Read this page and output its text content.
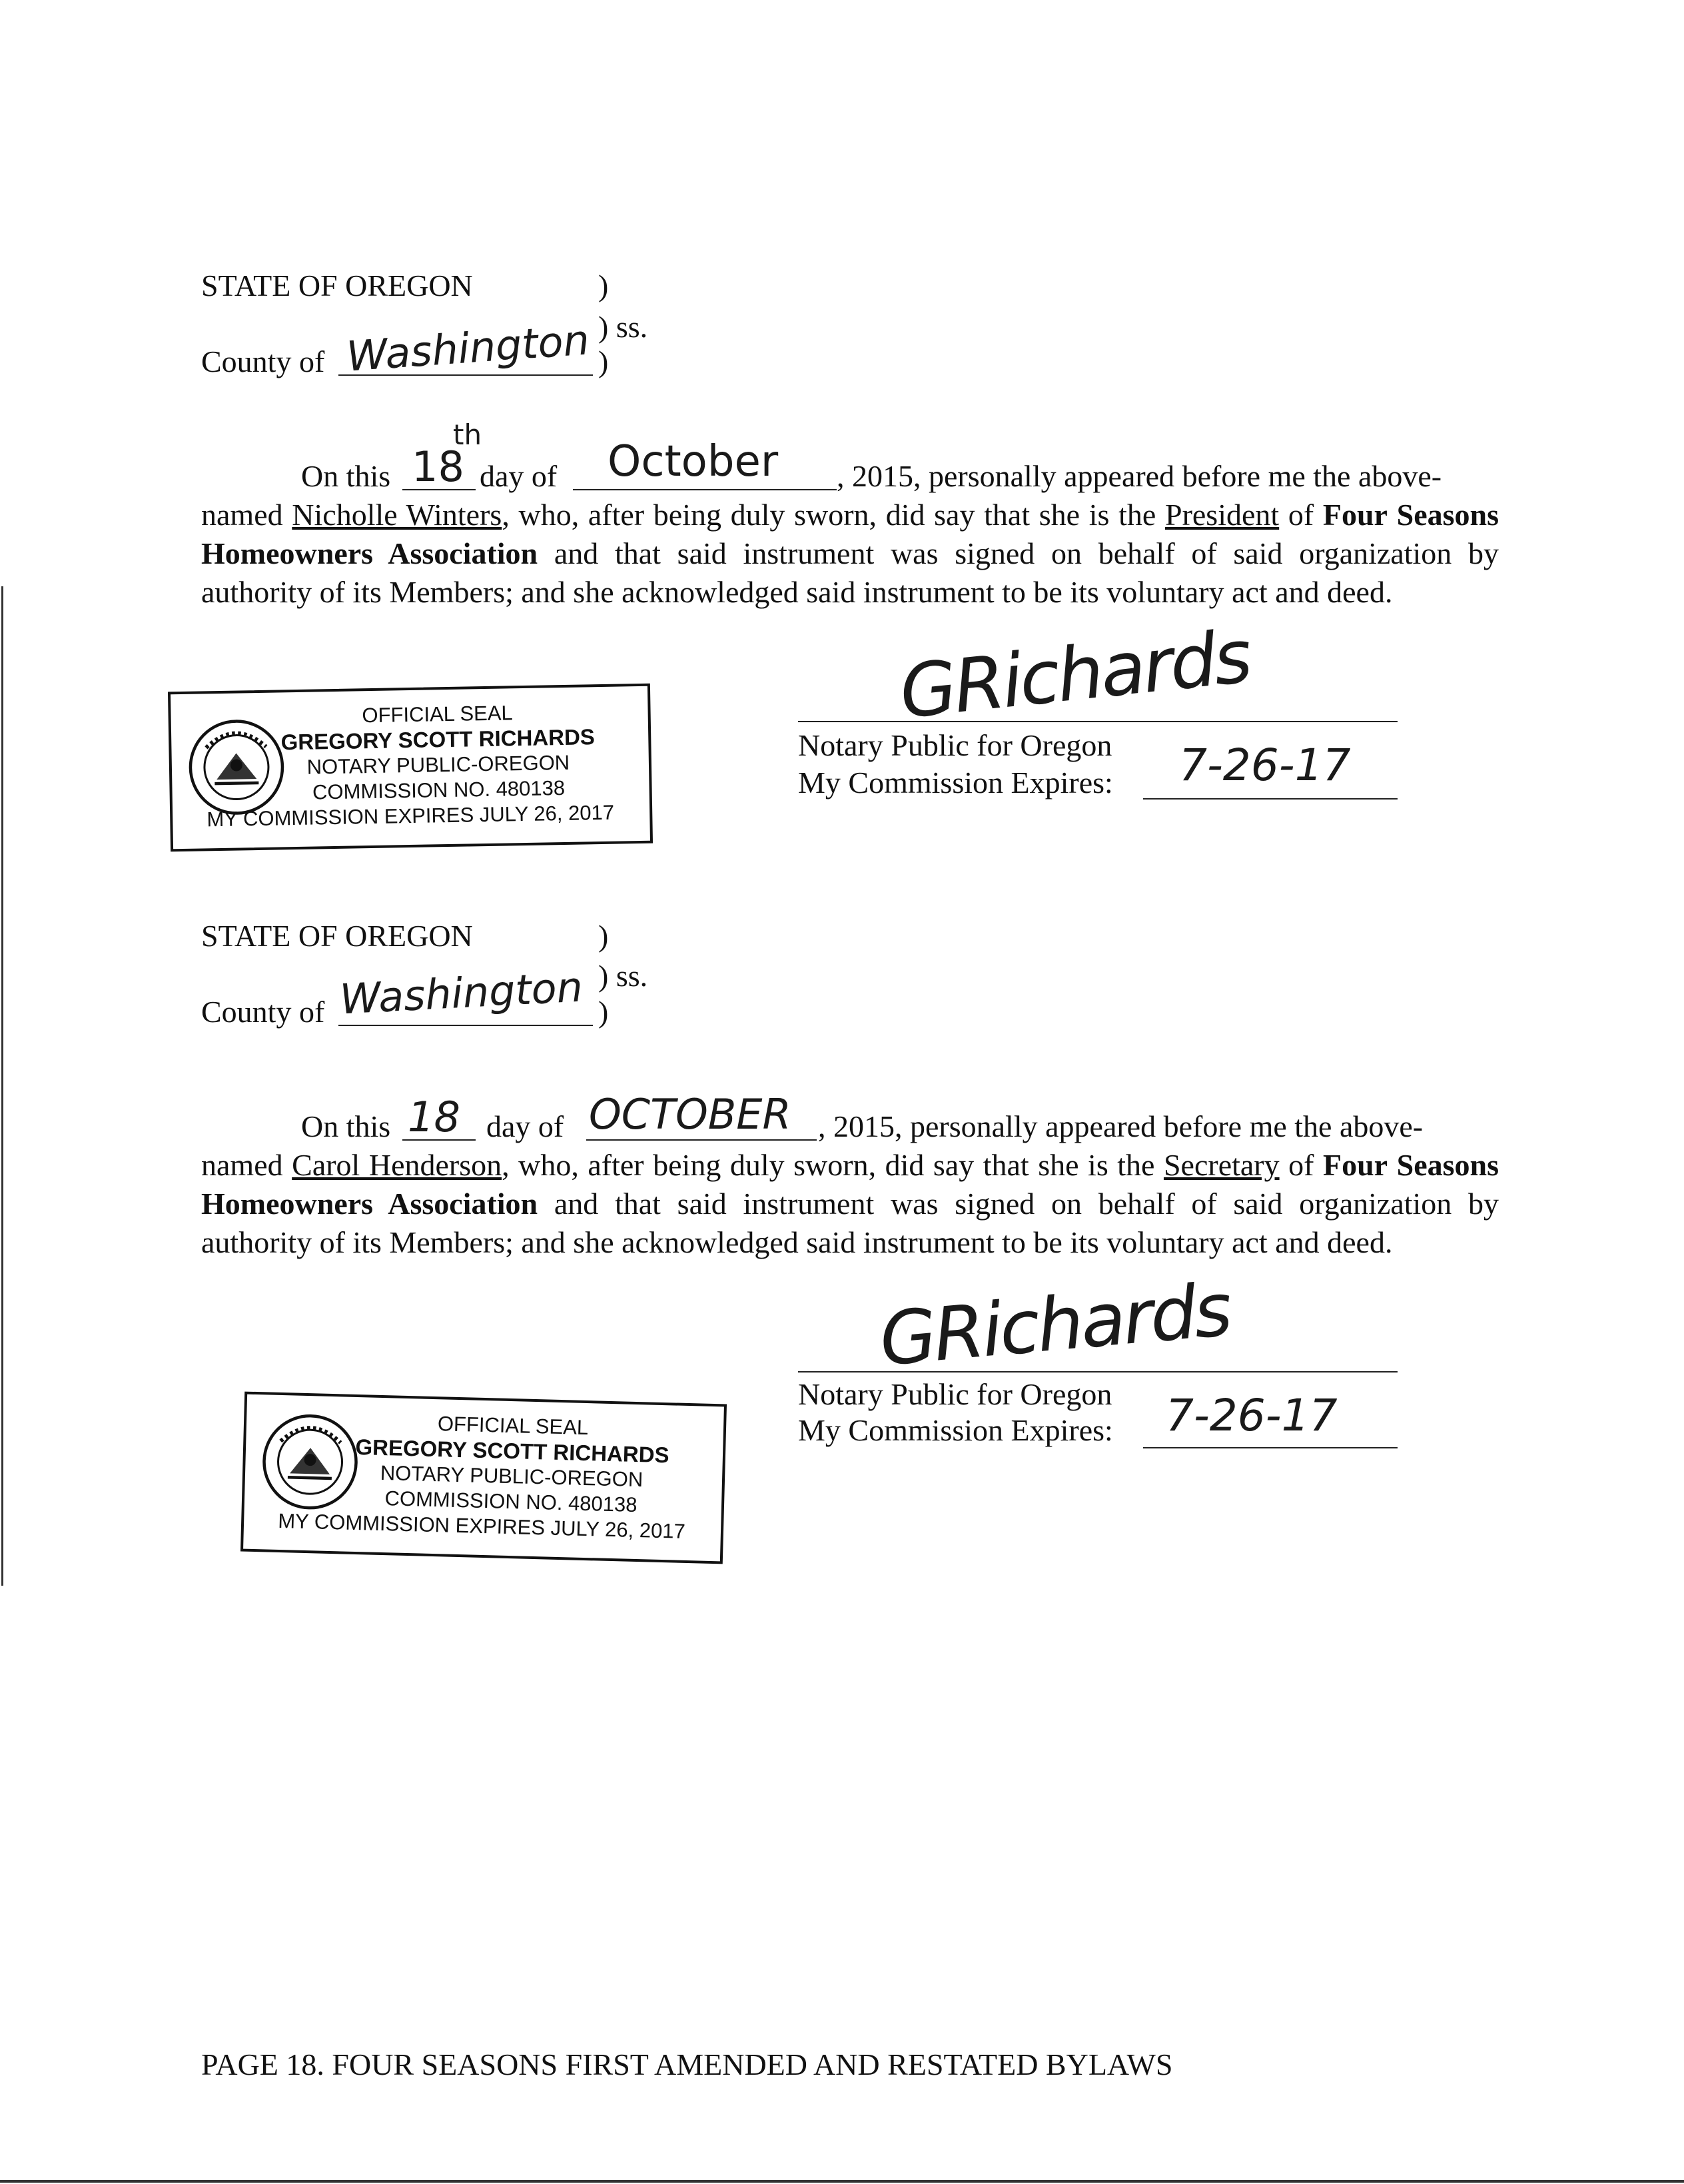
STATE OF OREGON	)
) ss.
County of Washington )
On this 18
th
day of October , 2015, personally appeared before me the above-
named Nicholle Winters, who, after being duly sworn, did say that she is the President of Four Seasons Homeowners Association and that said instrument was signed on behalf of said organization by authority of its Members; and she acknowledged said instrument to be its voluntary act and deed.
GRichards
Notary Public for Oregon
My Commission Expires: 7-26-17
OFFICIAL SEAL
GREGORY SCOTT RICHARDS
NOTARY PUBLIC-OREGON
COMMISSION NO. 480138
MY COMMISSION EXPIRES JULY 26, 2017
STATE OF OREGON	)
) ss.
County of Washington )
On this 18 day of OCTOBER , 2015, personally appeared before me the above-
named Carol Henderson, who, after being duly sworn, did say that she is the Secretary of Four Seasons Homeowners Association and that said instrument was signed on behalf of said organization by authority of its Members; and she acknowledged said instrument to be its voluntary act and deed.
GRichards
Notary Public for Oregon
My Commission Expires: 7-26-17
OFFICIAL SEAL
GREGORY SCOTT RICHARDS
NOTARY PUBLIC-OREGON
COMMISSION NO. 480138
MY COMMISSION EXPIRES JULY 26, 2017
PAGE 18. FOUR SEASONS FIRST AMENDED AND RESTATED BYLAWS
